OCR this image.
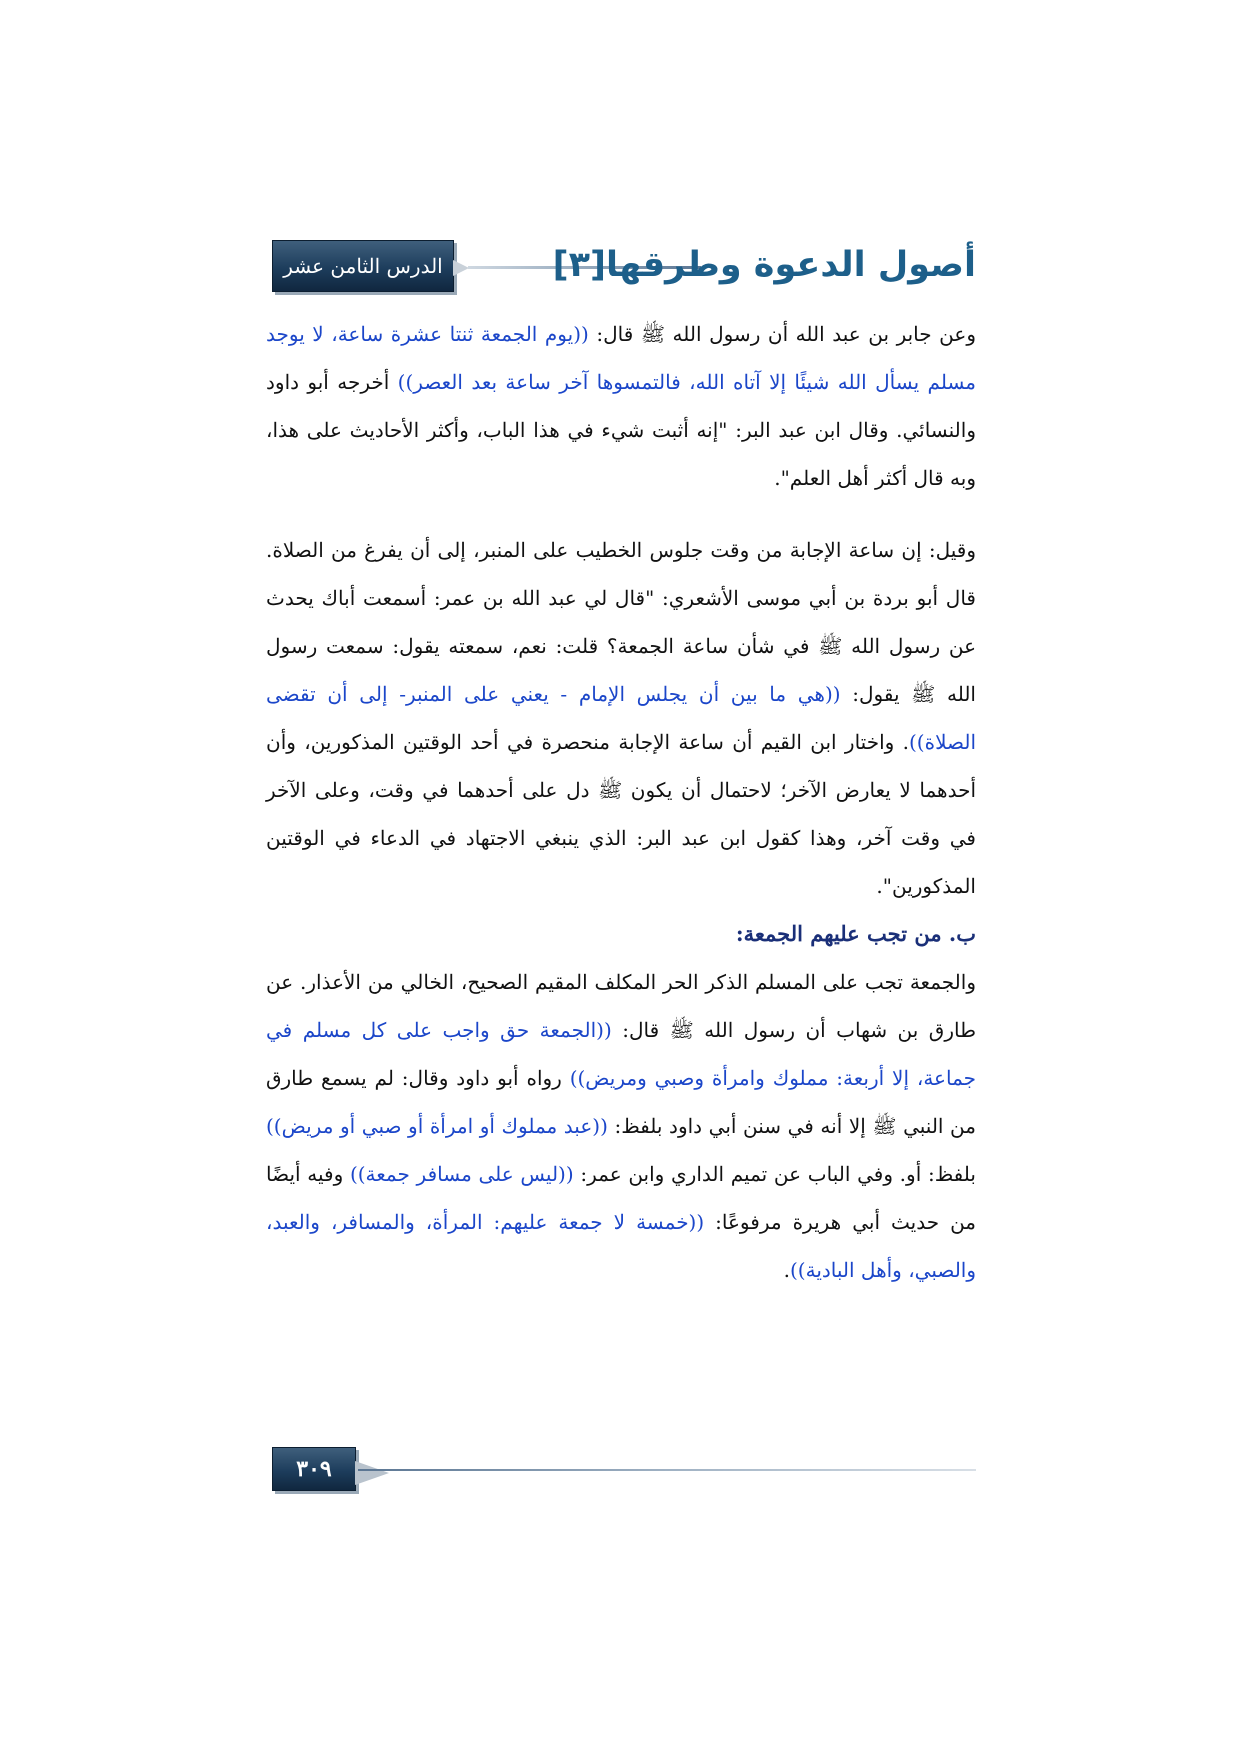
الدرس الثامن عشر	أصول الدعوة وطرقها[٣]

وعن جابر بن عبد الله أن رسول الله ﷺ قال: ((يوم الجمعة ثنتا عشرة ساعة، لا يوجد مسلم يسأل الله شيئًا إلا آتاه الله، فالتمسوها آخر ساعة بعد العصر)) أخرجه أبو داود والنسائي. وقال ابن عبد البر: "إنه أثبت شيء في هذا الباب، وأكثر الأحاديث على هذا، وبه قال أكثر أهل العلم".

وقيل: إن ساعة الإجابة من وقت جلوس الخطيب على المنبر، إلى أن يفرغ من الصلاة. قال أبو بردة بن أبي موسى الأشعري: "قال لي عبد الله بن عمر: أسمعت أباك يحدث عن رسول الله ﷺ في شأن ساعة الجمعة؟ قلت: نعم، سمعته يقول: سمعت رسول الله ﷺ يقول: ((هي ما بين أن يجلس الإمام - يعني على المنبر- إلى أن تقضى الصلاة)). واختار ابن القيم أن ساعة الإجابة منحصرة في أحد الوقتين المذكورين، وأن أحدهما لا يعارض الآخر؛ لاحتمال أن يكون ﷺ دل على أحدهما في وقت، وعلى الآخر في وقت آخر، وهذا كقول ابن عبد البر: الذي ينبغي الاجتهاد في الدعاء في الوقتين المذكورين".

ب. من تجب عليهم الجمعة:

والجمعة تجب على المسلم الذكر الحر المكلف المقيم الصحيح، الخالي من الأعذار. عن طارق بن شهاب أن رسول الله ﷺ قال: ((الجمعة حق واجب على كل مسلم في جماعة، إلا أربعة: مملوك وامرأة وصبي ومريض)) رواه أبو داود وقال: لم يسمع طارق من النبي ﷺ إلا أنه في سنن أبي داود بلفظ: ((عبد مملوك أو امرأة أو صبي أو مريض)) بلفظ: أو. وفي الباب عن تميم الداري وابن عمر: ((ليس على مسافر جمعة)) وفيه أيضًا من حديث أبي هريرة مرفوعًا: ((خمسة لا جمعة عليهم: المرأة، والمسافر، والعبد، والصبي، وأهل البادية)).

٣٠٩
